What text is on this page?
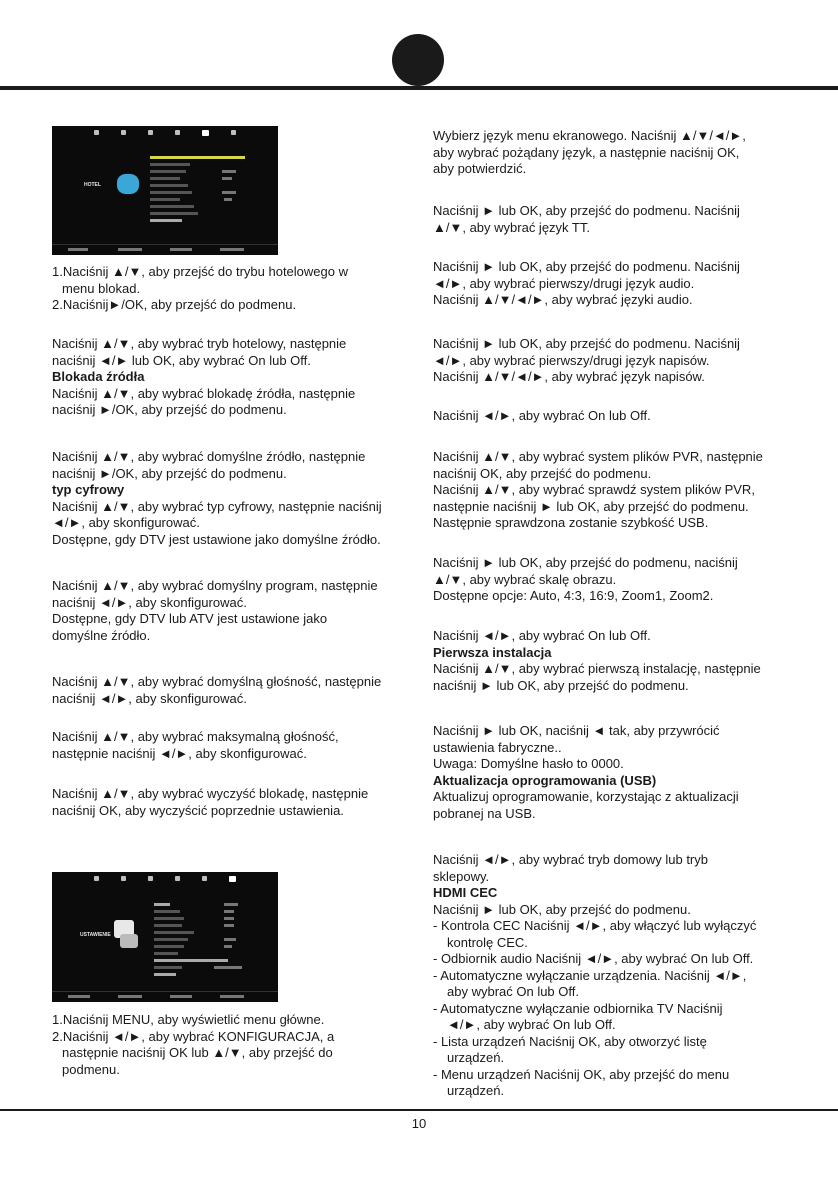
HOTEL
USTAWIENIE

1.Naciśnij ▲/▼, aby przejść do trybu hotelowego w

menu blokad.

2.Naciśnij►/OK, aby przejść do podmenu.

Naciśnij ▲/▼, aby wybrać tryb hotelowy, następnie

naciśnij ◄/► lub OK, aby wybrać On lub Off.

Blokada źródła

Naciśnij ▲/▼, aby wybrać blokadę źródła, następnie

naciśnij ►/OK, aby przejść do podmenu.

Naciśnij ▲/▼, aby wybrać domyślne źródło, następnie

naciśnij ►/OK, aby przejść do podmenu.

typ cyfrowy

Naciśnij ▲/▼, aby wybrać typ cyfrowy, następnie naciśnij

◄/►, aby skonfigurować.

Dostępne, gdy DTV jest ustawione jako domyślne źródło.

Naciśnij ▲/▼, aby wybrać domyślny program, następnie

naciśnij ◄/►, aby skonfigurować.

Dostępne, gdy DTV lub ATV jest ustawione jako

domyślne źródło.

Naciśnij ▲/▼, aby wybrać domyślną głośność, następnie

naciśnij ◄/►, aby skonfigurować.

Naciśnij ▲/▼, aby wybrać maksymalną głośność,

następnie naciśnij ◄/►, aby skonfigurować.

Naciśnij ▲/▼, aby wybrać wyczyść blokadę, następnie

naciśnij OK, aby wyczyścić poprzednie ustawienia.

1.Naciśnij MENU, aby wyświetlić menu główne.

2.Naciśnij ◄/►, aby wybrać KONFIGURACJA, a

następnie naciśnij OK lub ▲/▼, aby przejść do

podmenu.

Wybierz język menu ekranowego. Naciśnij ▲/▼/◄/►,

aby wybrać pożądany język, a następnie naciśnij OK,

aby potwierdzić.

Naciśnij ► lub OK, aby przejść do podmenu. Naciśnij

▲/▼, aby wybrać język TT.

Naciśnij ► lub OK, aby przejść do podmenu. Naciśnij

◄/►, aby wybrać pierwszy/drugi język audio.

Naciśnij ▲/▼/◄/►, aby wybrać języki audio.

Naciśnij ► lub OK, aby przejść do podmenu. Naciśnij

◄/►, aby wybrać pierwszy/drugi język napisów.

Naciśnij ▲/▼/◄/►, aby wybrać język napisów.

Naciśnij ◄/►, aby wybrać On lub Off.

Naciśnij ▲/▼, aby wybrać system plików PVR, następnie

naciśnij OK, aby przejść do podmenu.

Naciśnij ▲/▼, aby wybrać sprawdź system plików PVR,

następnie naciśnij ► lub OK, aby przejść do podmenu.

Następnie sprawdzona zostanie szybkość USB.

Naciśnij ► lub OK, aby przejść do podmenu, naciśnij

▲/▼, aby wybrać skalę obrazu.

Dostępne opcje: Auto, 4:3, 16:9, Zoom1, Zoom2.

Naciśnij ◄/►, aby wybrać On lub Off.

Pierwsza instalacja

Naciśnij ▲/▼, aby wybrać pierwszą instalację, następnie

naciśnij ► lub OK, aby przejść do podmenu.

Naciśnij ► lub OK, naciśnij ◄ tak, aby przywrócić

ustawienia fabryczne..

Uwaga: Domyślne hasło to 0000.

Aktualizacja oprogramowania (USB)

Aktualizuj oprogramowanie, korzystając z aktualizacji

pobranej na USB.

Naciśnij ◄/►, aby wybrać tryb domowy lub tryb

sklepowy.

HDMI CEC

Naciśnij ► lub OK, aby przejść do podmenu.

- Kontrola CEC Naciśnij ◄/►, aby włączyć lub wyłączyć

kontrolę CEC.

- Odbiornik audio Naciśnij ◄/►, aby wybrać On lub Off.

- Automatyczne wyłączanie urządzenia. Naciśnij ◄/►,

aby wybrać On lub Off.

- Automatyczne wyłączanie odbiornika TV Naciśnij

◄/►, aby wybrać On lub Off.

- Lista urządzeń Naciśnij OK, aby otworzyć listę

urządzeń.

- Menu urządzeń Naciśnij OK, aby przejść do menu

urządzeń.

10
